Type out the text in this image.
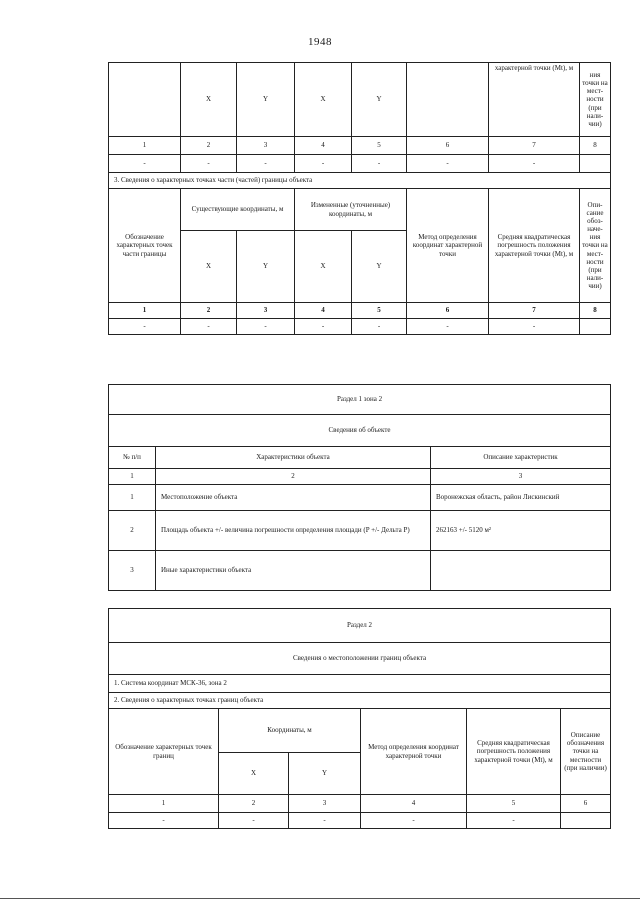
1948
	X	Y	X	Y		характерной точки (Mt), м	ния точки на мест- ности (при нали- чии)
1	2	3	4	5	6	7	8
-	-	-	-	-	-	-	
3. Сведения о характерных точках части (частей) границы объекта							
Обозначение характерных точек части границы	Существующие координаты, м		Измененные (уточненные) координаты, м		Метод определения координат характерной точки	Средняя квадратическая погрешность положения характерной точки (Mt), м	Опи- сание обоз- наче- ния точки на мест- ности (при нали- чии)
	X	Y	X	Y			
1	2	3	4	5	6	7	8
-	-	-	-	-	-	-	
Раздел 1 зона 2		
Сведения об объекте		
№ п/п	Характеристики объекта	Описание характеристик
1	2	3
1	Местоположение объекта	Воронежская область, район Лискинский
2	Площадь объекта +/- величина погрешности определения площади (P +/- Дельта P)	262163 +/- 5120 м²
3	Иные характеристики объекта	
Раздел 2					
Сведения о местоположении границ объекта					
1. Система координат МСК-36, зона 2					
2. Сведения о характерных точках границ объекта					
Обозначение характерных точек границ	Координаты, м		Метод определения координат характерной точки	Средняя квадратическая погрешность положения характерной точки (Mt), м	Описание обозначения точки на местности (при наличии)
	X	Y			
1	2	3	4	5	6
-	-	-	-	-	
